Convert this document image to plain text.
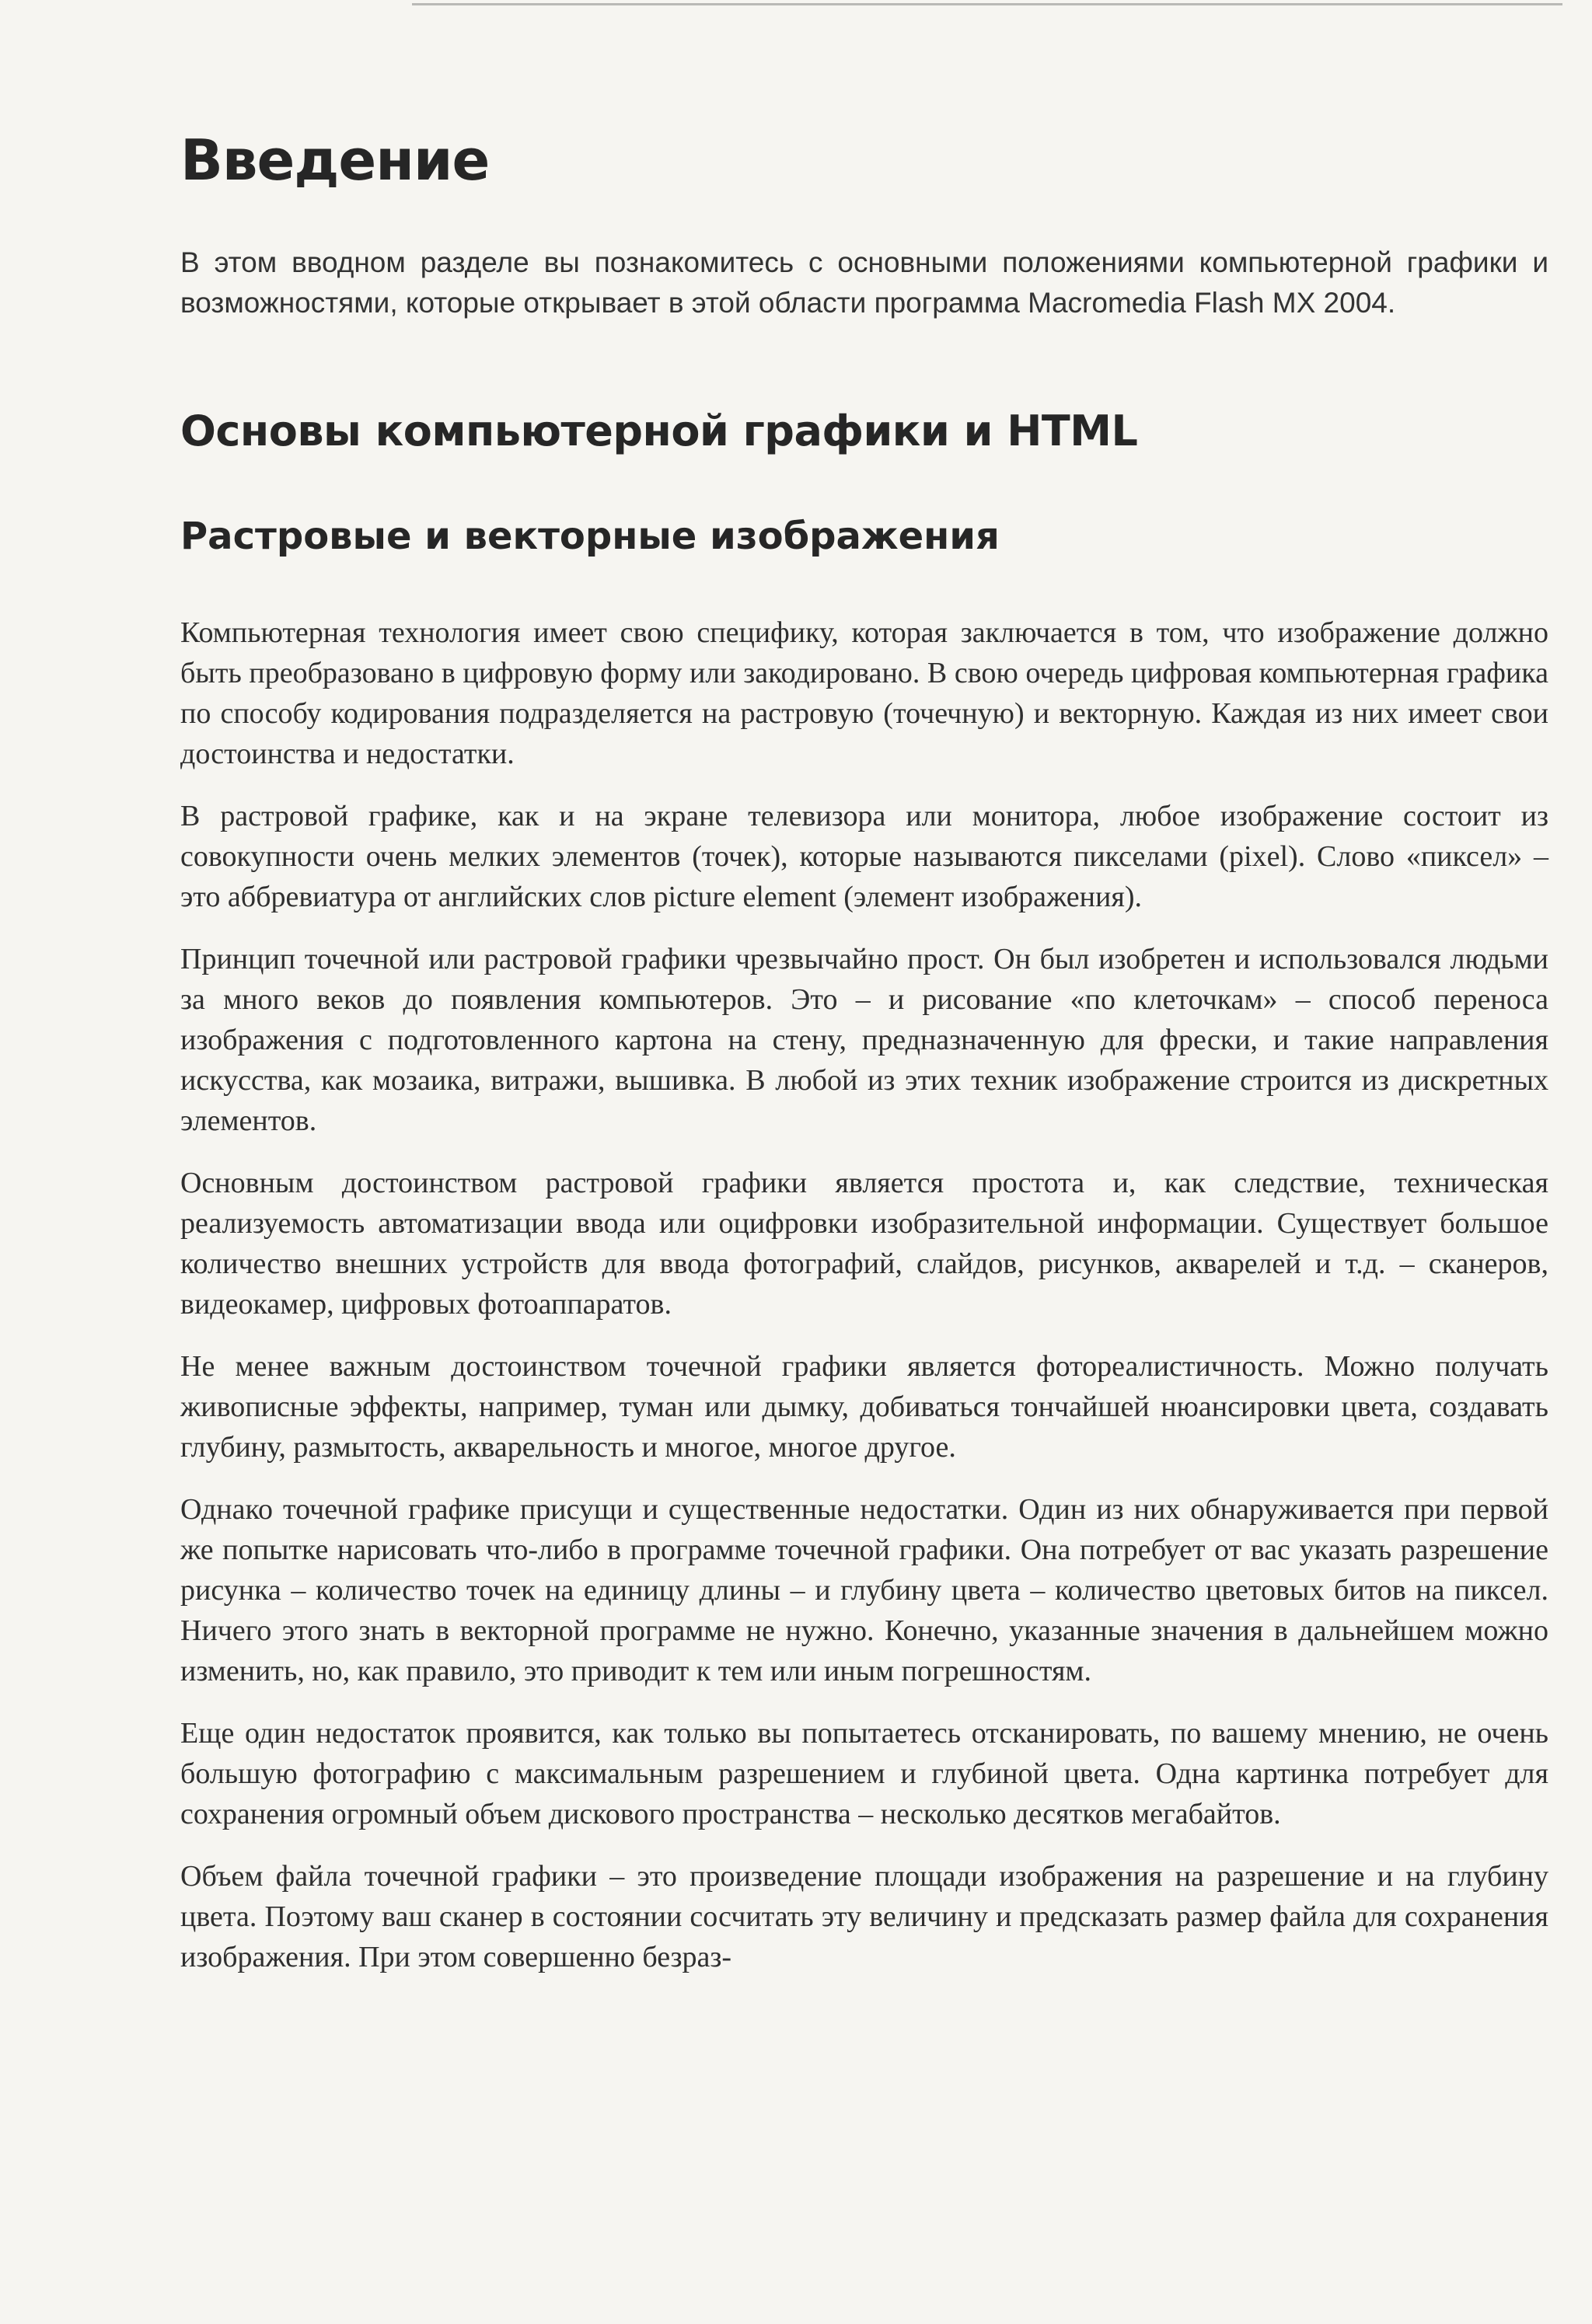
Введение

В этом вводном разделе вы познакомитесь с основными положениями компьютерной графики и возможностями, которые открывает в этой области программа Macromedia Flash MX 2004.

Основы компьютерной графики и HTML
Растровые и векторные изображения

Компьютерная технология имеет свою специфику, которая заключается в том, что изображение должно быть преобразовано в цифровую форму или закодировано. В свою очередь цифровая компьютерная графика по способу кодирования подразделяется на растровую (точечную) и векторную. Каждая из них имеет свои достоинства и недостатки.

В растровой графике, как и на экране телевизора или монитора, любое изображение состоит из совокупности очень мелких элементов (точек), которые называются пикселами (pixel). Слово «пиксел» – это аббревиатура от английских слов picture element (элемент изображения).

Принцип точечной или растровой графики чрезвычайно прост. Он был изобретен и использовался людьми за много веков до появления компьютеров. Это – и рисование «по клеточкам» – способ переноса изображения с подготовленного картона на стену, предназначенную для фрески, и такие направления искусства, как мозаика, витражи, вышивка. В любой из этих техник изображение строится из дискретных элементов.

Основным достоинством растровой графики является простота и, как следствие, техническая реализуемость автоматизации ввода или оцифровки изобразительной информации. Существует большое количество внешних устройств для ввода фотографий, слайдов, рисунков, акварелей и т.д. – сканеров, видеокамер, цифровых фотоаппаратов.

Не менее важным достоинством точечной графики является фотореалистичность. Можно получать живописные эффекты, например, туман или дымку, добиваться тончайшей нюансировки цвета, создавать глубину, размытость, акварельность и многое, многое другое.

Однако точечной графике присущи и существенные недостатки. Один из них обнаруживается при первой же попытке нарисовать что-либо в программе точечной графики. Она потребует от вас указать разрешение рисунка – количество точек на единицу длины – и глубину цвета – количество цветовых битов на пиксел. Ничего этого знать в векторной программе не нужно. Конечно, указанные значения в дальнейшем можно изменить, но, как правило, это приводит к тем или иным погрешностям.

Еще один недостаток проявится, как только вы попытаетесь отсканировать, по вашему мнению, не очень большую фотографию с максимальным разрешением и глубиной цвета. Одна картинка потребует для сохранения огромный объем дискового пространства – несколько десятков мегабайтов.

Объем файла точечной графики – это произведение площади изображения на разрешение и на глубину цвета. Поэтому ваш сканер в состоянии сосчитать эту величину и предсказать размер файла для сохранения изображения. При этом совершенно безраз-
